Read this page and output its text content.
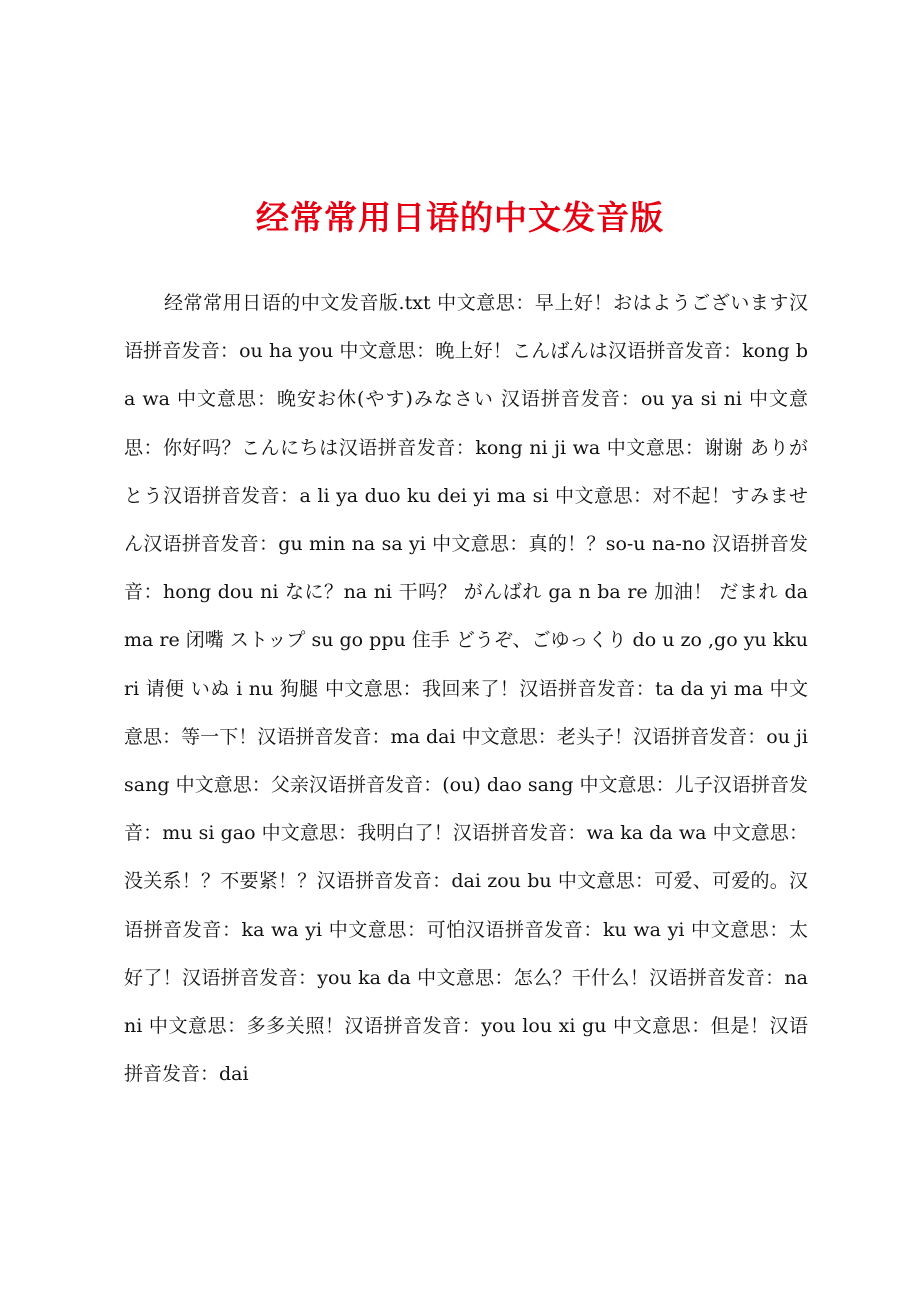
经常常用日语的中文发音版

经常常用日语的中文发音版.txt 中文意思：早上好！おはようございます汉语拼音发音：ou ha you 中文意思：晚上好！こんばんは汉语拼音发音：kong ba wa 中文意思：晚安お休(やす)みなさい 汉语拼音发音：ou ya si ni 中文意思：你好吗？こんにちは汉语拼音发音：kong ni ji wa 中文意思：谢谢 ありがとう汉语拼音发音：a li ya duo ku dei yi ma si 中文意思：对不起！すみません汉语拼音发音：gu min na sa yi 中文意思：真的！？so-u na-no 汉语拼音发音：hong dou ni なに？na ni 干吗？ がんばれ ga n ba re 加油！ だまれ da ma re 闭嘴 ストップ su go ppu 住手 どうぞ、ごゆっくり do u zo ,go yu kku ri 请便 いぬ i nu 狗腿 中文意思：我回来了！汉语拼音发音：ta da yi ma 中文意思：等一下！汉语拼音发音：ma dai 中文意思：老头子！汉语拼音发音：ou ji sang 中文意思：父亲汉语拼音发音：(ou) dao sang 中文意思：儿子汉语拼音发音：mu si gao 中文意思：我明白了！汉语拼音发音：wa ka da wa 中文意思：没关系！？不要紧！？汉语拼音发音：dai zou bu 中文意思：可爱、可爱的。汉语拼音发音：ka wa yi 中文意思：可怕汉语拼音发音：ku wa yi 中文意思：太好了！汉语拼音发音：you ka da 中文意思：怎么？干什么！汉语拼音发音：na ni 中文意思：多多关照！汉语拼音发音：you lou xi gu 中文意思：但是！汉语拼音发音：dai
